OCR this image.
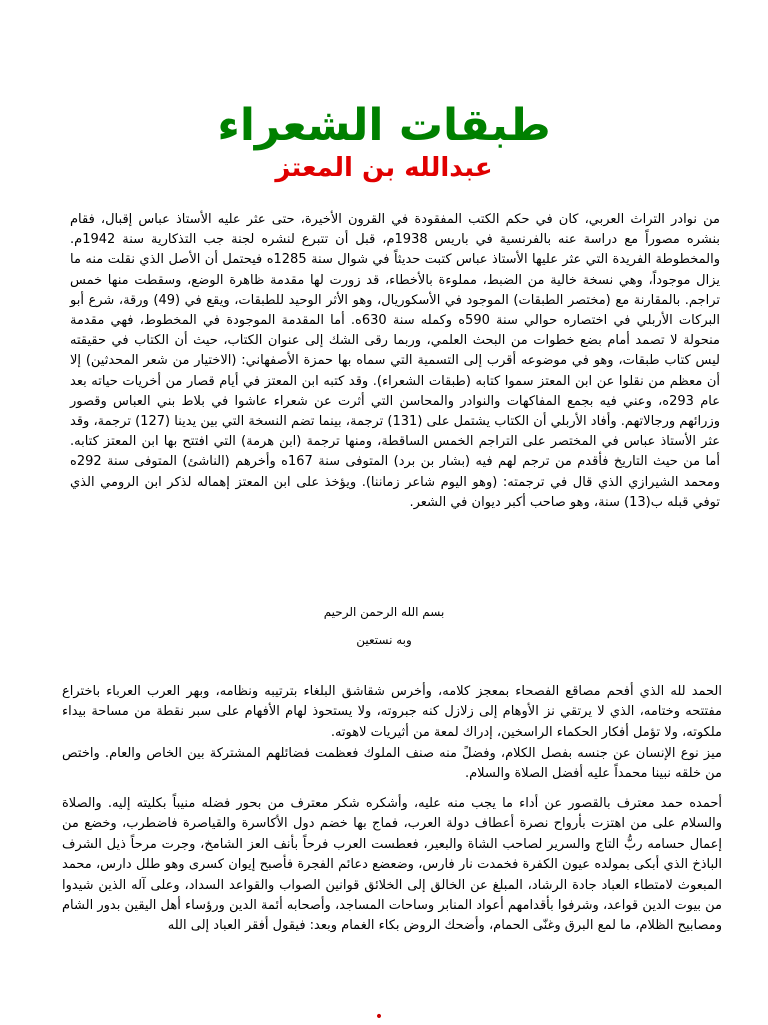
طبقات الشعراء
عبدالله بن المعتز

من نوادر التراث العربي، كان في حكم الكتب المفقودة في القرون الأخيرة، حتى عثر عليه الأستاذ عباس إقبال، فقام بنشره مصوراً مع دراسة عنه بالفرنسية في باريس 1938م، قبل أن تتبرع لنشره لجنة جب التذكارية سنة 1942م. والمخطوطة الفريدة التي عثر عليها الأستاذ عباس كتبت حديثاً في شوال سنة 1285ه فيحتمل أن الأصل الذي نقلت منه ما يزال موجوداً، وهي نسخة خالية من الضبط، مملوءة بالأخطاء، قد زورت لها مقدمة ظاهرة الوضع، وسقطت منها خمس تراجم. بالمقارنة مع (مختصر الطبقات) الموجود في الأسكوريال، وهو الأثر الوحيد للطبقات، ويقع في (49) ورقة، شرع أبو البركات الأربلي في اختصاره حوالي سنة 590ه وكمله سنة 630ه. أما المقدمة الموجودة في المخطوط، فهي مقدمة منحولة لا تصمد أمام بضع خطوات من البحث العلمي، وربما رقى الشك إلى عنوان الكتاب، حيث أن الكتاب في حقيقته ليس كتاب طبقات، وهو في موضوعه أقرب إلى التسمية التي سماه بها حمزة الأصفهاني: (الاختيار من شعر المحدثين) إلا أن معظم من نقلوا عن ابن المعتز سموا كتابه (طبقات الشعراء). وقد كتبه ابن المعتز في أيام قصار من أخريات حياته بعد عام 293ه، وعني فيه بجمع المفاكهات والنوادر والمحاسن التي أثرت عن شعراء عاشوا في بلاط بني العباس وقصور وزرائهم ورجالاتهم. وأفاد الأربلي أن الكتاب يشتمل على (131) ترجمة، بينما تضم النسخة التي بين يدينا (127) ترجمة، وقد عثر الأستاذ عباس في المختصر على التراجم الخمس الساقطة، ومنها ترجمة (ابن هرمة) التي افتتح بها ابن المعتز كتابه. أما من حيث التاريخ فأقدم من ترجم لهم فيه (بشار بن برد) المتوفى سنة 167ه وأخرهم (الناشئ) المتوفى سنة 292ه ومحمد الشيرازي الذي قال في ترجمته: (وهو اليوم شاعر زماننا). ويؤخذ على ابن المعتز إهماله لذكر ابن الرومي الذي توفي قبله ب(13) سنة، وهو صاحب أكبر ديوان في الشعر.

بسم الله الرحمن الرحيم
وبه نستعين

الحمد لله الذي أفحم مصاقع الفصحاء بمعجز كلامه، وأخرس شقاشق البلغاء بترتيبه ونظامه، وبهر العرب العرباء باختراع مفتتحه وختامه، الذي لا يرتقي نز الأوهام إلى زلازل كنه جبروته، ولا يستحوذ لهام الأفهام على سبر نقطة من مساحة بيداء ملكوته، ولا تؤمل أفكار الحكماء الراسخين، إدراك لمعة من أثيريات لاهوته.

ميز نوع الإنسان عن جنسه بفصل الكلام، وفضلً منه صنف الملوك فعظمت فضائلهم المشتركة بين الخاص والعام. واختص من خلقه نبينا محمداً عليه أفضل الصلاة والسلام.

أحمده حمد معترف بالقصور عن أداء ما يجب منه عليه، وأشكره شكر معترف من بحور فضله منيباً بكليته إليه. والصلاة والسلام على من اهتزت بأرواح نصرة أعطاف دولة العرب، فماج بها خضم دول الأكاسرة والقياصرة فاضطرب، وخضع من إعمال حسامه ربُّ التاج والسرير لصاحب الشاة والبعير، فعطست العرب فرحاً بأنف العز الشامخ، وجرت مرحاً ذيل الشرف الباذخ الذي أبكى بمولده عيون الكفرة فخمدت نار فارس، وضعضع دعائم الفجرة فأصبح إيوان كسرى وهو طلل دارس، محمد المبعوث لامتطاء العباد جادة الرشاد، المبلغ عن الخالق إلى الخلائق قوانين الصواب والقواعد السداد، وعلى آله الذين شيدوا من بيوت الدين قواعد، وشرفوا بأقدامهم أعواد المنابر وساحات المساجد، وأصحابه أئمة الدين ورؤساء أهل اليقين بدور الشام ومصابيح الظلام، ما لمع البرق وغنّى الحمام، وأضحك الروض بكاء الغمام وبعد: فيقول أفقر العباد إلى الله

•
